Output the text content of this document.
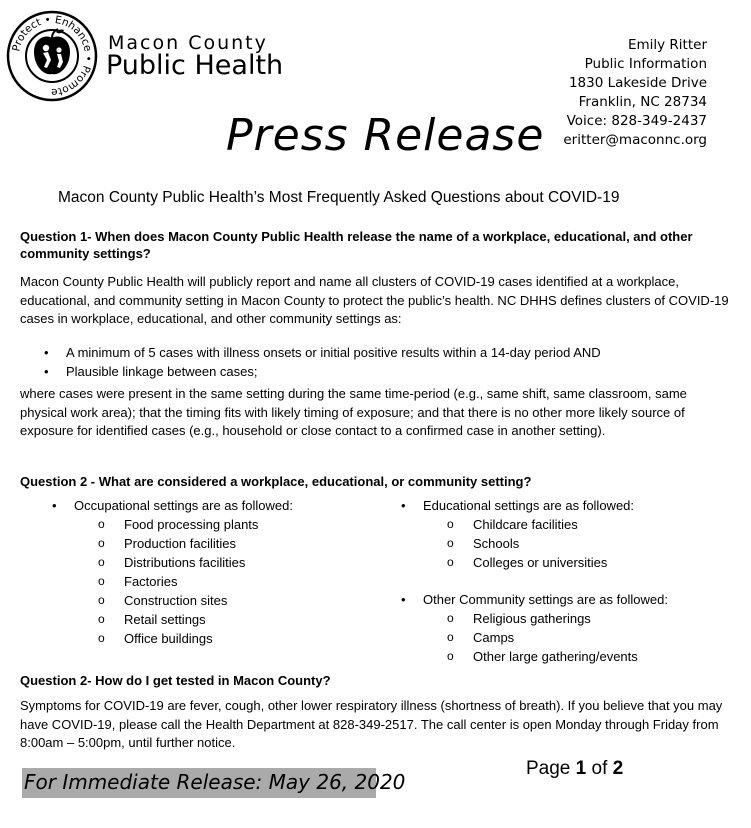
Protect • Enhance • Promote
Macon County
Public Health
Emily Ritter
Public Information
1830 Lakeside Drive
Franklin, NC 28734
Voice: 828-349-2437
eritter@maconnc.org
Press Release
Macon County Public Health’s Most Frequently Asked Questions about COVID-19
Question 1- When does Macon County Public Health release the name of a workplace, educational, and other community settings?
Macon County Public Health will publicly report and name all clusters of COVID-19 cases identified at a workplace, educational, and community setting in Macon County to protect the public’s health. NC DHHS defines clusters of COVID-19 cases in workplace, educational, and other community settings as:
• A minimum of 5 cases with illness onsets or initial positive results within a 14-day period AND
• Plausible linkage between cases;
where cases were present in the same setting during the same time-period (e.g., same shift, same classroom, same physical work area); that the timing fits with likely timing of exposure; and that there is no other more likely source of exposure for identified cases (e.g., household or close contact to a confirmed case in another setting).
Question 2 - What are considered a workplace, educational, or community setting?
• Occupational settings are as followed:
o Food processing plants
o Production facilities
o Distributions facilities
o Factories
o Construction sites
o Retail settings
o Office buildings
• Educational settings are as followed:
o Childcare facilities
o Schools
o Colleges or universities
• Other Community settings are as followed:
o Religious gatherings
o Camps
o Other large gathering/events
Question 2- How do I get tested in Macon County?
Symptoms for COVID-19 are fever, cough, other lower respiratory illness (shortness of breath). If you believe that you may have COVID-19, please call the Health Department at 828-349-2517. The call center is open Monday through Friday from 8:00am – 5:00pm, until further notice.
For Immediate Release: May 26, 2020
Page 1 of 2
